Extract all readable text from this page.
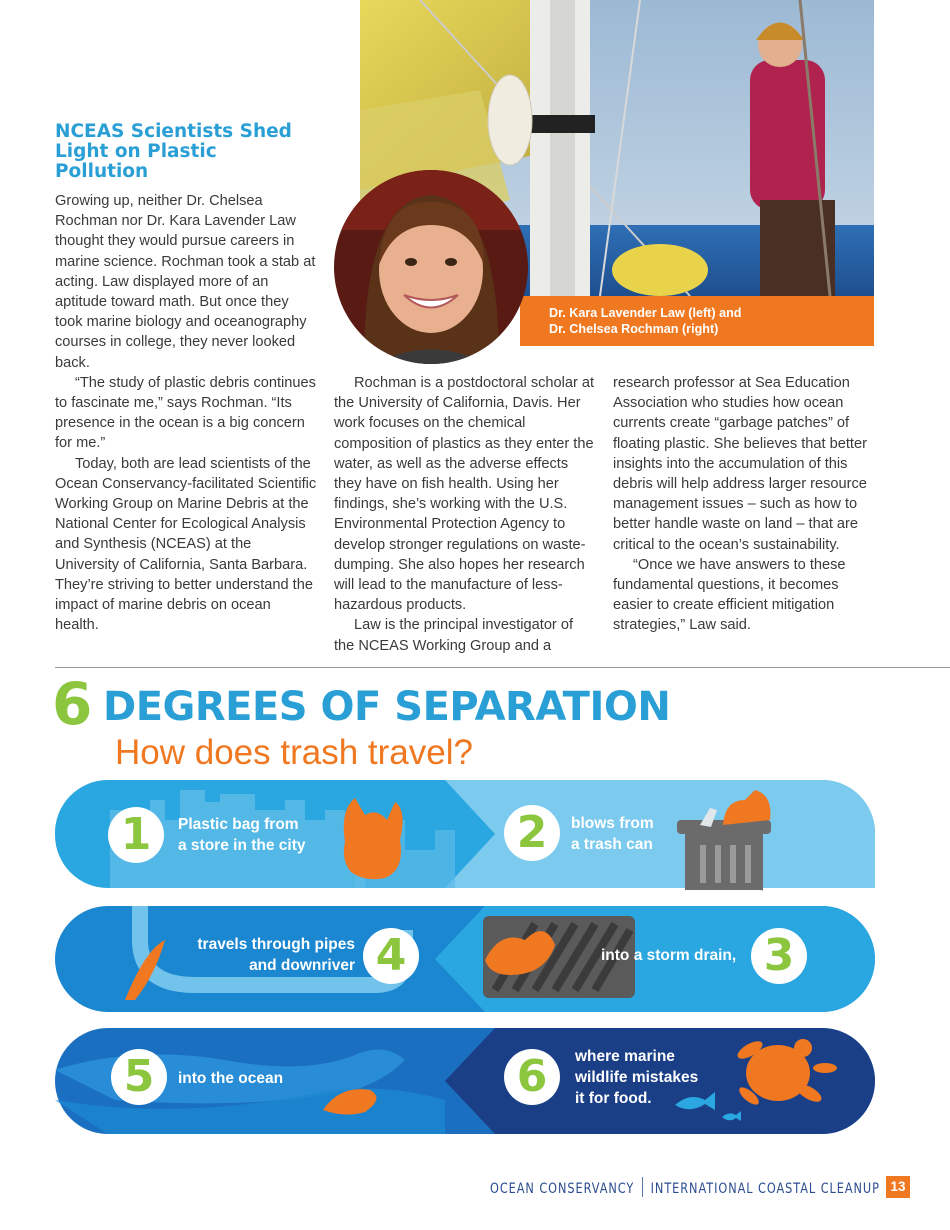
NCEAS Scientists Shed Light on Plastic Pollution

Growing up, neither Dr. Chelsea Rochman nor Dr. Kara Lavender Law thought they would pursue careers in marine science. Rochman took a stab at acting. Law displayed more of an aptitude toward math. But once they took marine biology and oceanography courses in college, they never looked back.

“The study of plastic debris continues to fascinate me,” says Rochman. “Its presence in the ocean is a big concern for me.”

Today, both are lead scientists of the Ocean Conservancy-facilitated Scientific Working Group on Marine Debris at the National Center for Ecological Analysis and Synthesis (NCEAS) at the University of California, Santa Barbara. They’re striving to better understand the impact of marine debris on ocean health.

Rochman is a postdoctoral scholar at the University of California, Davis. Her work focuses on the chemical composition of plastics as they enter the water, as well as the adverse effects they have on fish health. Using her findings, she’s working with the U.S. Environmental Protection Agency to develop stronger regulations on waste-dumping. She also hopes her research will lead to the manufacture of less-hazardous products.

Law is the principal investigator of the NCEAS Working Group and a

research professor at Sea Education Association who studies how ocean currents create “garbage patches” of floating plastic. She believes that better insights into the accumulation of this debris will help address larger resource management issues – such as how to better handle waste on land – that are critical to the ocean’s sustainability.

“Once we have answers to these fundamental questions, it becomes easier to create efficient mitigation strategies,” Law said.

Dr. Kara Lavender Law (left) and
Dr. Chelsea Rochman (right)
6 DEGREES OF SEPARATION
How does trash travel?
1	Plastic bag from
a store in the city	2	blows from
a trash can
travels through pipes
and downriver 4	into a storm drain, 3
5	into the ocean	6	where marine
wildlife mistakes
it for food.
OCEAN CONSERVANCY INTERNATIONAL COASTAL CLEANUP 13
